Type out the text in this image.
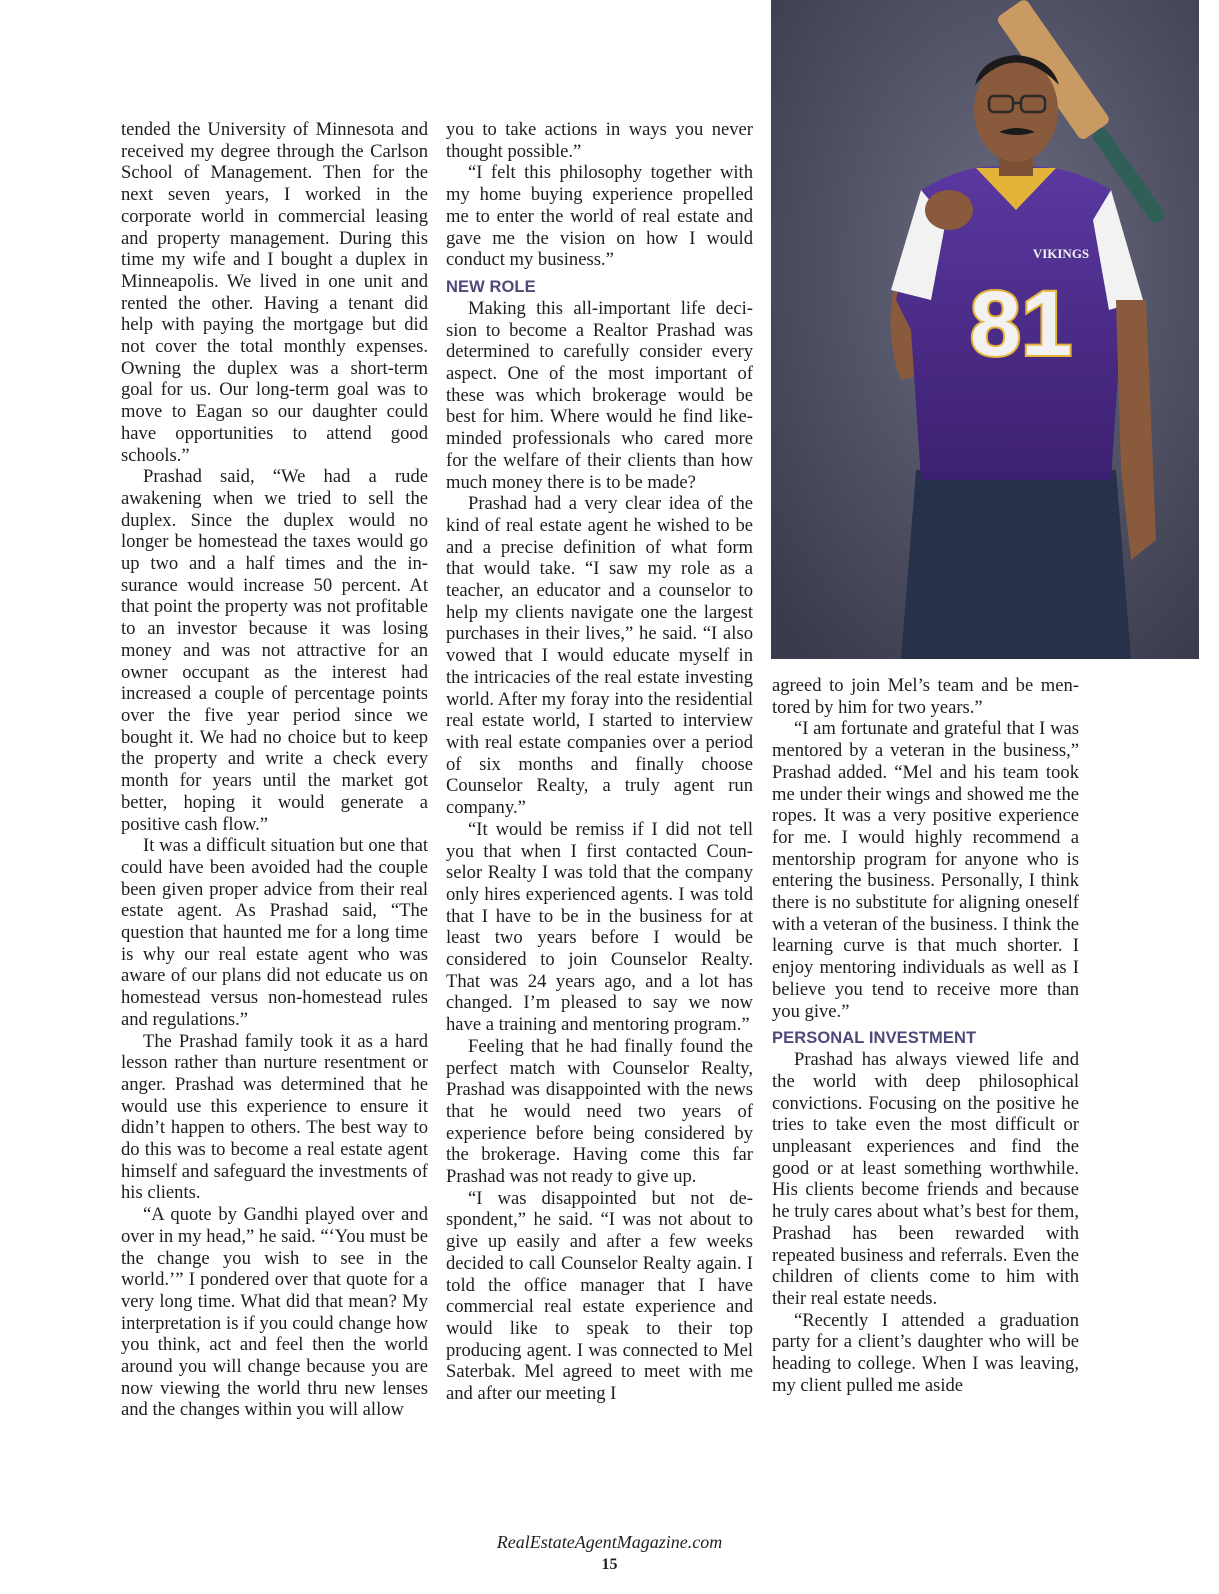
VIKINGS
81

tended the University of Minnesota and received my degree through the Carlson School of Management. Then for the next seven years, I worked in the corporate world in commercial leasing and property management. During this time my wife and I bought a duplex in Minneapolis. We lived in one unit and rented the other. Having a tenant did help with paying the mortgage but did not cover the total monthly expenses. Owning the duplex was a short-term goal for us. Our long-term goal was to move to Eagan so our daughter could have opportunities to attend good schools.”

Prashad said, “We had a rude awakening when we tried to sell the duplex. Since the duplex would no longer be homestead the taxes would go up two and a half times and the insurance would increase 50 percent. At that point the property was not profitable to an investor because it was losing money and was not attractive for an owner occupant as the interest had increased a couple of percentage points over the five year period since we bought it. We had no choice but to keep the property and write a check every month for years until the market got better, hoping it would generate a positive cash flow.”

It was a difficult situation but one that could have been avoided had the couple been given proper advice from their real estate agent. As Prashad said, “The question that haunted me for a long time is why our real estate agent who was aware of our plans did not educate us on homestead versus non-homestead rules and regulations.”

The Prashad family took it as a hard lesson rather than nurture resentment or anger. Prashad was determined that he would use this experience to ensure it didn’t happen to others. The best way to do this was to become a real estate agent himself and safeguard the investments of his clients.

“A quote by Gandhi played over and over in my head,” he said. “‘You must be the change you wish to see in the world.’” I pondered over that quote for a very long time. What did that mean? My interpretation is if you could change how you think, act and feel then the world around you will change because you are now viewing the world thru new lenses and the changes within you will allow

you to take actions in ways you never thought possible.”

“I felt this philosophy together with my home buying experience propelled me to enter the world of real estate and gave me the vision on how I would conduct my business.”

NEW ROLE

Making this all-important life decision to become a Realtor Prashad was determined to carefully consider every aspect. One of the most important of these was which brokerage would be best for him. Where would he find like-minded professionals who cared more for the welfare of their clients than how much money there is to be made?

Prashad had a very clear idea of the kind of real estate agent he wished to be and a precise definition of what form that would take. “I saw my role as a teacher, an educator and a counselor to help my clients navigate one the largest purchases in their lives,” he said. “I also vowed that I would educate myself in the intricacies of the real estate investing world. After my foray into the residential real estate world, I started to interview with real estate companies over a period of six months and finally choose Counselor Realty, a truly agent run company.”

“It would be remiss if I did not tell you that when I first contacted Counselor Realty I was told that the company only hires experienced agents. I was told that I have to be in the business for at least two years before I would be considered to join Counselor Realty. That was 24 years ago, and a lot has changed. I’m pleased to say we now have a training and mentoring program.”

Feeling that he had finally found the perfect match with Counselor Realty, Prashad was disappointed with the news that he would need two years of experience before being considered by the brokerage. Having come this far Prashad was not ready to give up.

“I was disappointed but not despondent,” he said. “I was not about to give up easily and after a few weeks decided to call Counselor Realty again. I told the office manager that I have commercial real estate experience and would like to speak to their top producing agent. I was connected to Mel Saterbak. Mel agreed to meet with me and after our meeting I

agreed to join Mel’s team and be mentored by him for two years.”

“I am fortunate and grateful that I was mentored by a veteran in the business,” Prashad added. “Mel and his team took me under their wings and showed me the ropes. It was a very positive experience for me. I would highly recommend a mentorship program for anyone who is entering the business. Personally, I think there is no substitute for aligning oneself with a veteran of the business. I think the learning curve is that much shorter. I enjoy mentoring individuals as well as I believe you tend to receive more than you give.”

PERSONAL INVESTMENT

Prashad has always viewed life and the world with deep philosophical convictions. Focusing on the positive he tries to take even the most difficult or unpleasant experiences and find the good or at least something worthwhile. His clients become friends and because he truly cares about what’s best for them, Prashad has been rewarded with repeated business and referrals. Even the children of clients come to him with their real estate needs.

“Recently I attended a graduation party for a client’s daughter who will be heading to college. When I was leaving, my client pulled me aside

RealEstateAgentMagazine.com
15
